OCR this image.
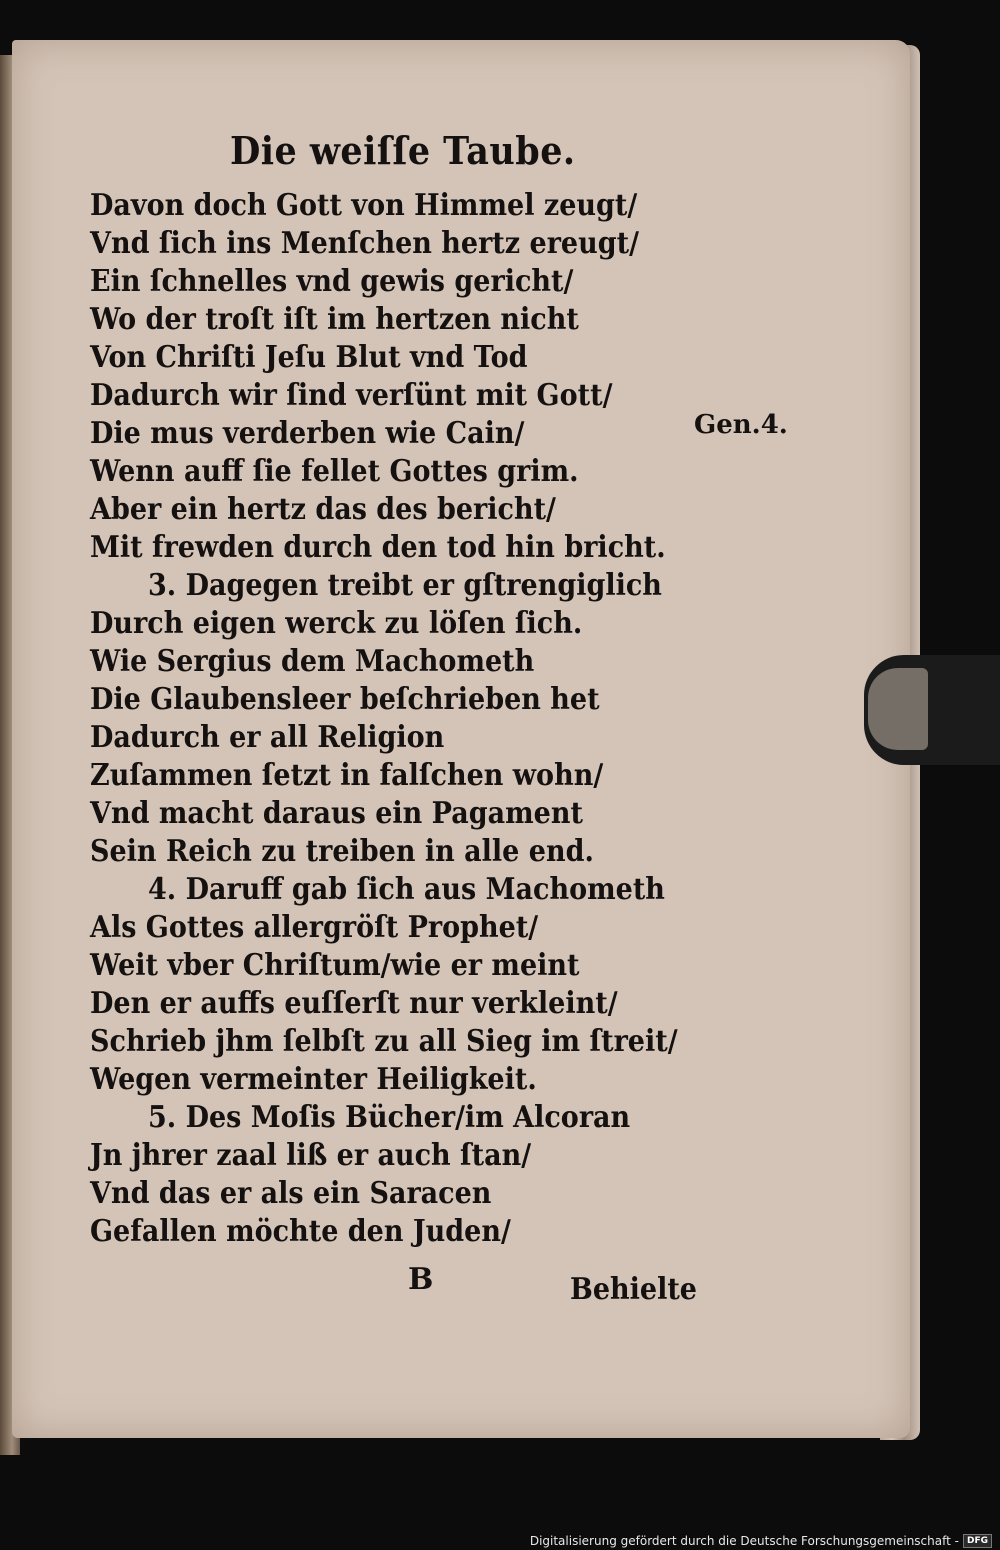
Die weiſſe Taube.
Davon doch Gott von Himmel zeugt/
Vnd ſich ins Menſchen hertz ereugt/
Ein ſchnelles vnd gewis gericht/
Wo der troſt iſt im hertzen nicht
Von Chriſti Jeſu Blut vnd Tod
Dadurch wir ſind verſünt mit Gott/
Die mus verderben wie Cain/
Wenn auff ſie fellet Gottes grim.
Aber ein hertz das des bericht/
Mit frewden durch den tod hin bricht.
3. Dagegen treibt er gſtrengiglich
Durch eigen werck zu löſen ſich.
Wie Sergius dem Machometh
Die Glaubensleer beſchrieben het
Dadurch er all Religion
Zuſammen ſetzt in falſchen wohn/
Vnd macht daraus ein Pagament
Sein Reich zu treiben in alle end.
4. Daruff gab ſich aus Machometh
Als Gottes allergröſt Prophet/
Weit vber Chriſtum/wie er meint
Den er auffs euſſerſt nur verkleint/
Schrieb jhm ſelbſt zu all Sieg im ſtreit/
Wegen vermeinter Heiligkeit.
5. Des Moſis Bücher/im Alcoran
Jn jhrer zaal liß er auch ſtan/
Vnd das er als ein Saracen
Gefallen möchte den Juden/
Gen.4.
B	Behielte
Digitalisierung gefördert durch die Deutsche Forschungsgemeinschaft - DFG
